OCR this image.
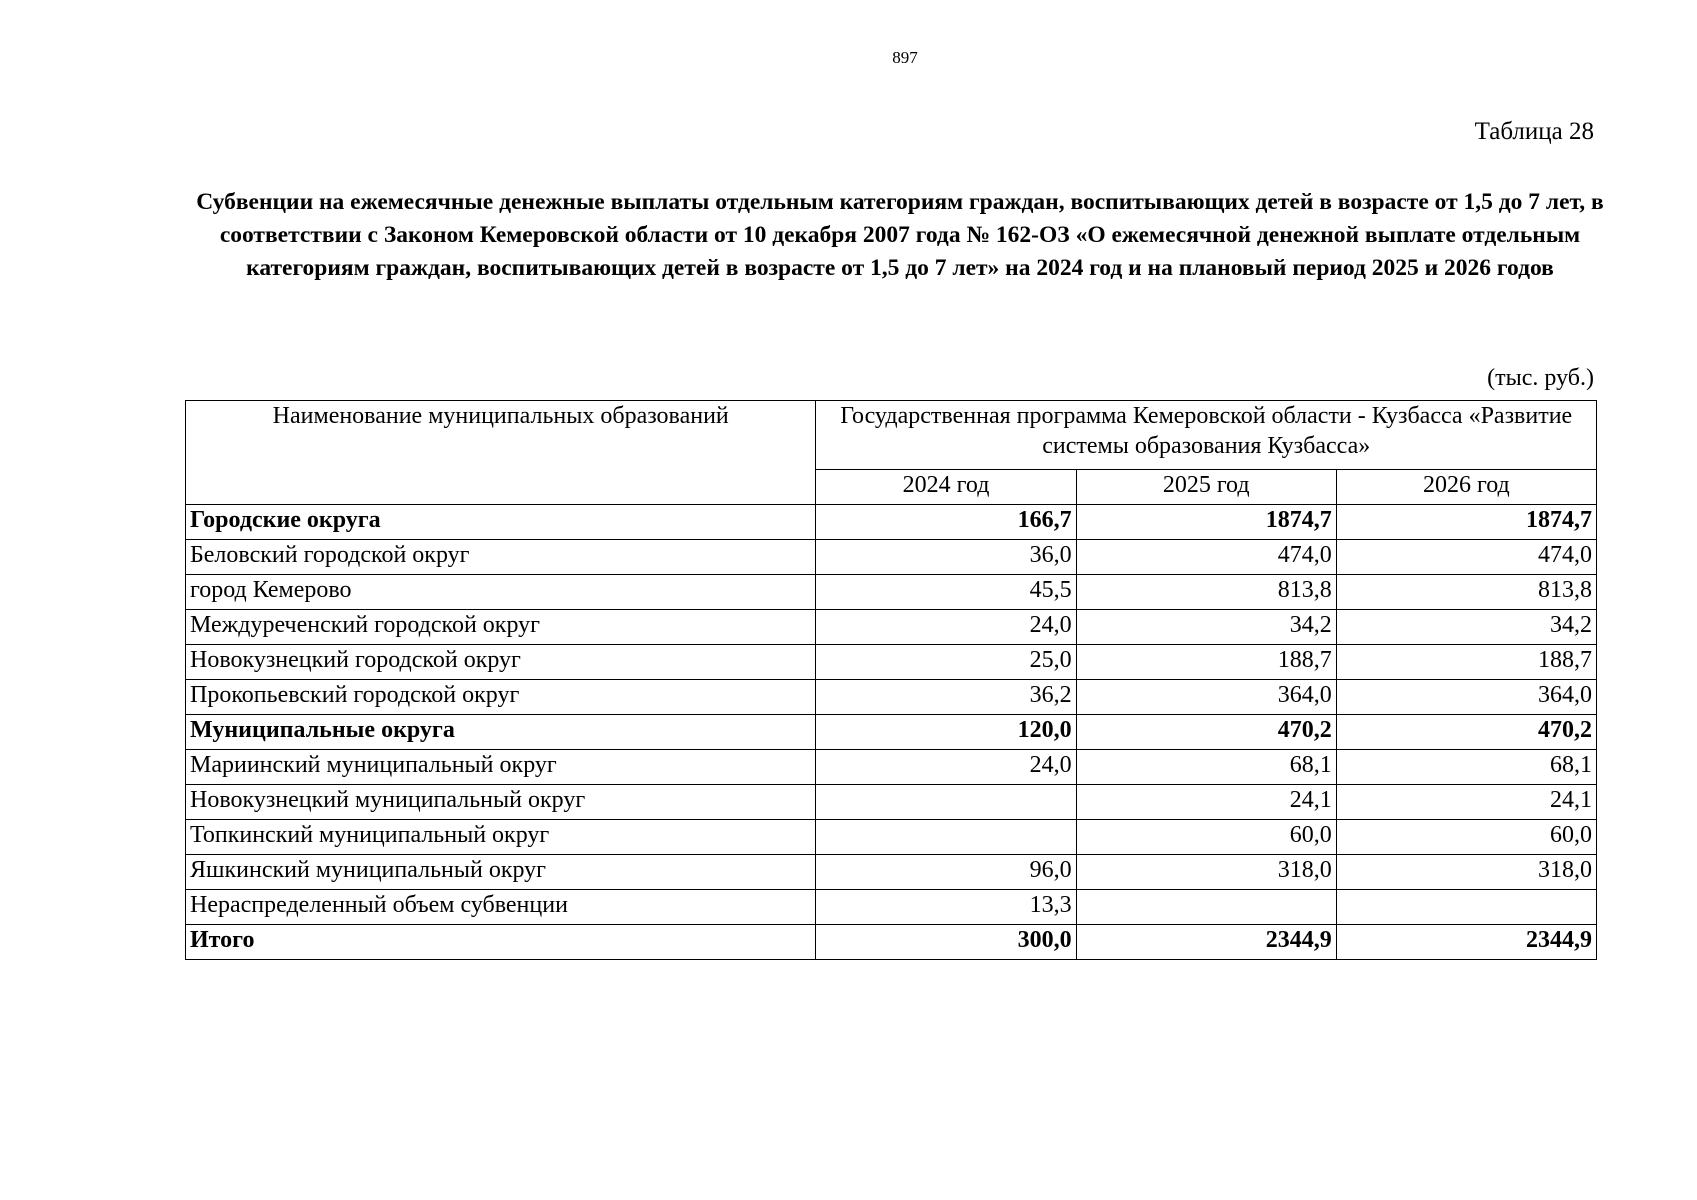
897
Таблица 28
Субвенции на ежемесячные денежные выплаты отдельным категориям граждан, воспитывающих детей в возрасте от 1,5 до 7 лет, в соответствии с Законом Кемеровской области от 10 декабря 2007 года № 162-ОЗ «О ежемесячной денежной выплате отдельным категориям граждан, воспитывающих детей в возрасте от 1,5 до 7 лет» на 2024 год и на плановый период 2025 и 2026 годов
(тыс. руб.)
Наименование муниципальных образований	Государственная программа Кемеровской области - Кузбасса «Развитие системы образования Кузбасса»		
	2024 год	2025 год	2026 год
Городские округа	166,7	1874,7	1874,7
Беловский городской округ	36,0	474,0	474,0
город Кемерово	45,5	813,8	813,8
Междуреченский городской округ	24,0	34,2	34,2
Новокузнецкий городской округ	25,0	188,7	188,7
Прокопьевский городской округ	36,2	364,0	364,0
Муниципальные округа	120,0	470,2	470,2
Мариинский муниципальный округ	24,0	68,1	68,1
Новокузнецкий муниципальный округ		24,1	24,1
Топкинский муниципальный округ		60,0	60,0
Яшкинский муниципальный округ	96,0	318,0	318,0
Нераспределенный объем субвенции	13,3		
Итого	300,0	2344,9	2344,9
